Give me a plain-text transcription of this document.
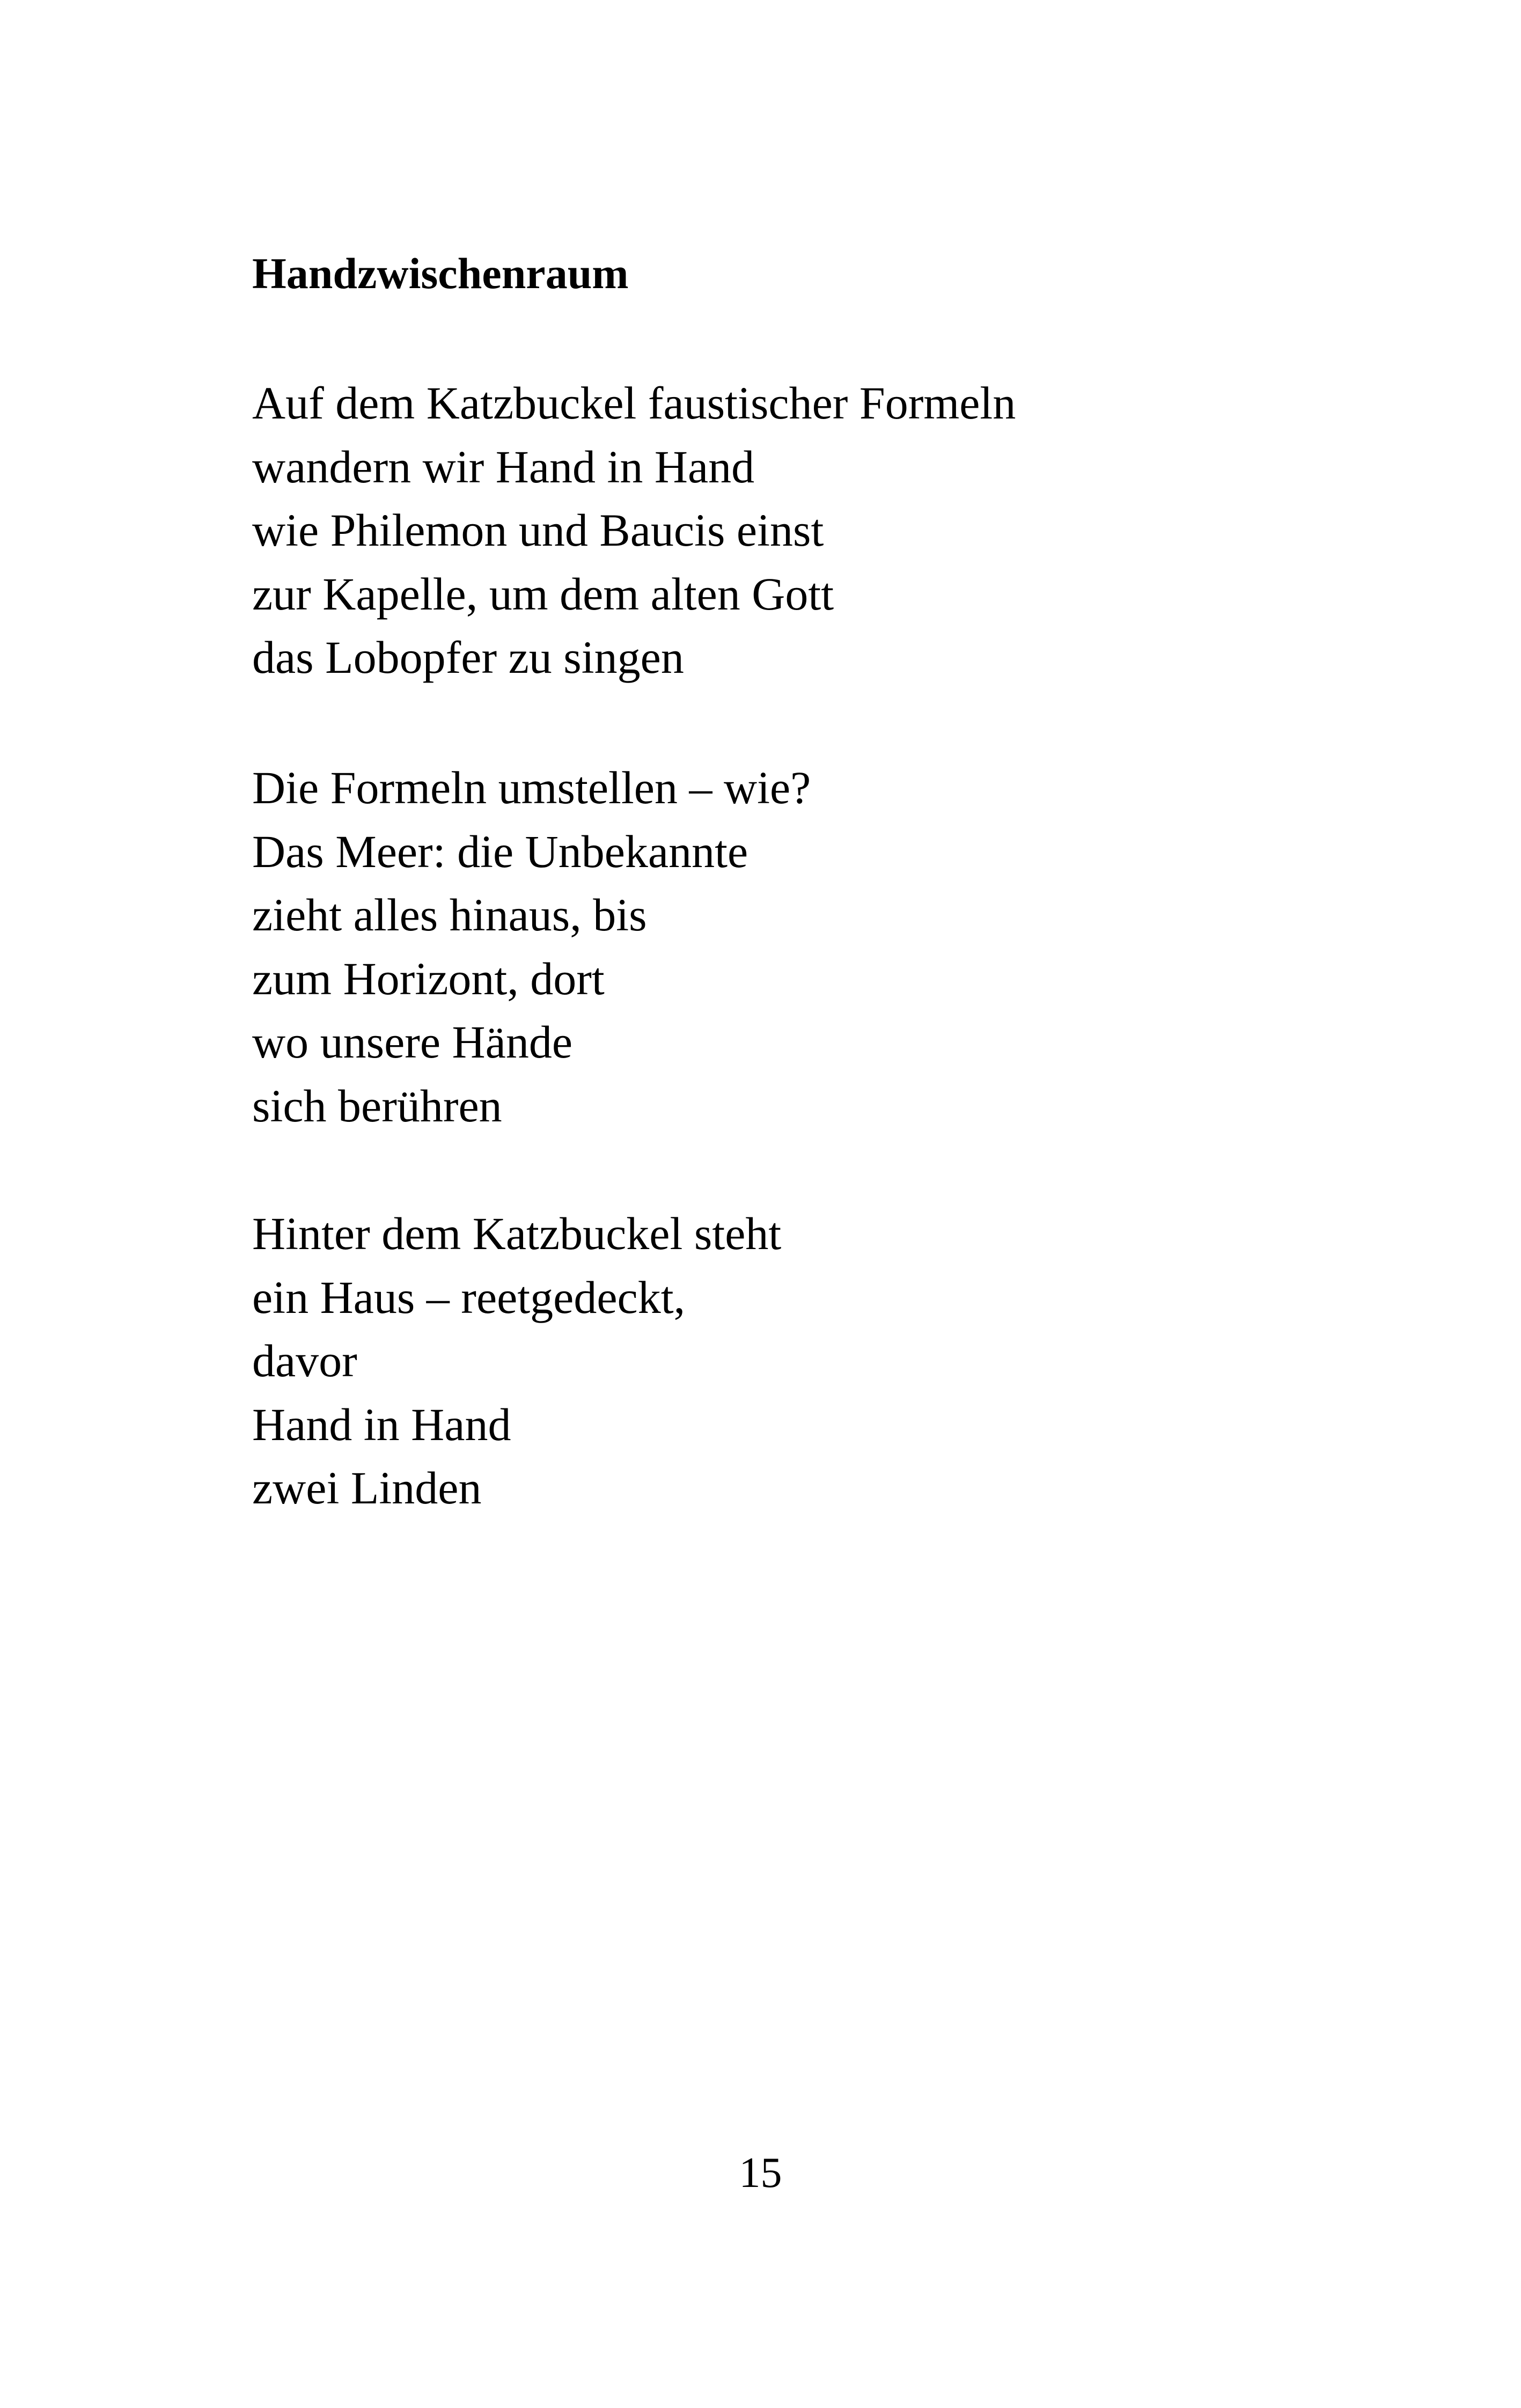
Handzwischenraum
Auf dem Katzbuckel faustischer Formeln
wandern wir Hand in Hand
wie Philemon und Baucis einst
zur Kapelle, um dem alten Gott
das Lobopfer zu singen
Die Formeln umstellen – wie?
Das Meer: die Unbekannte
zieht alles hinaus, bis
zum Horizont, dort
wo unsere Hände
sich berühren
Hinter dem Katzbuckel steht
ein Haus – reetgedeckt,
davor
Hand in Hand
zwei Linden
15
